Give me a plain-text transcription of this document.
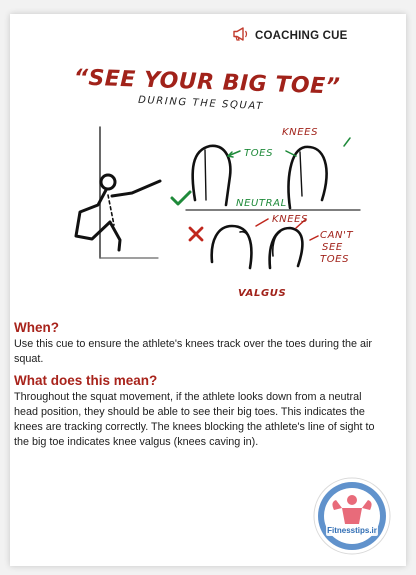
COACHING CUE
“SEE YOUR BIG TOE”
DURING THE SQUAT
KNEES
TOES
NEUTRAL
KNEES
CAN'T
SEE
TOES
VALGUS
When?
Use this cue to ensure the athlete's knees track over the toes during the air squat.
What does this mean?
Throughout the squat movement, if the athlete looks down from a neutral head position, they should be able to see their big toes. This indicates the knees are tracking correctly. The knees blocking the athlete's line of sight to the big toe indicates knee valgus (knees caving in).
Fitnesstips.ir
